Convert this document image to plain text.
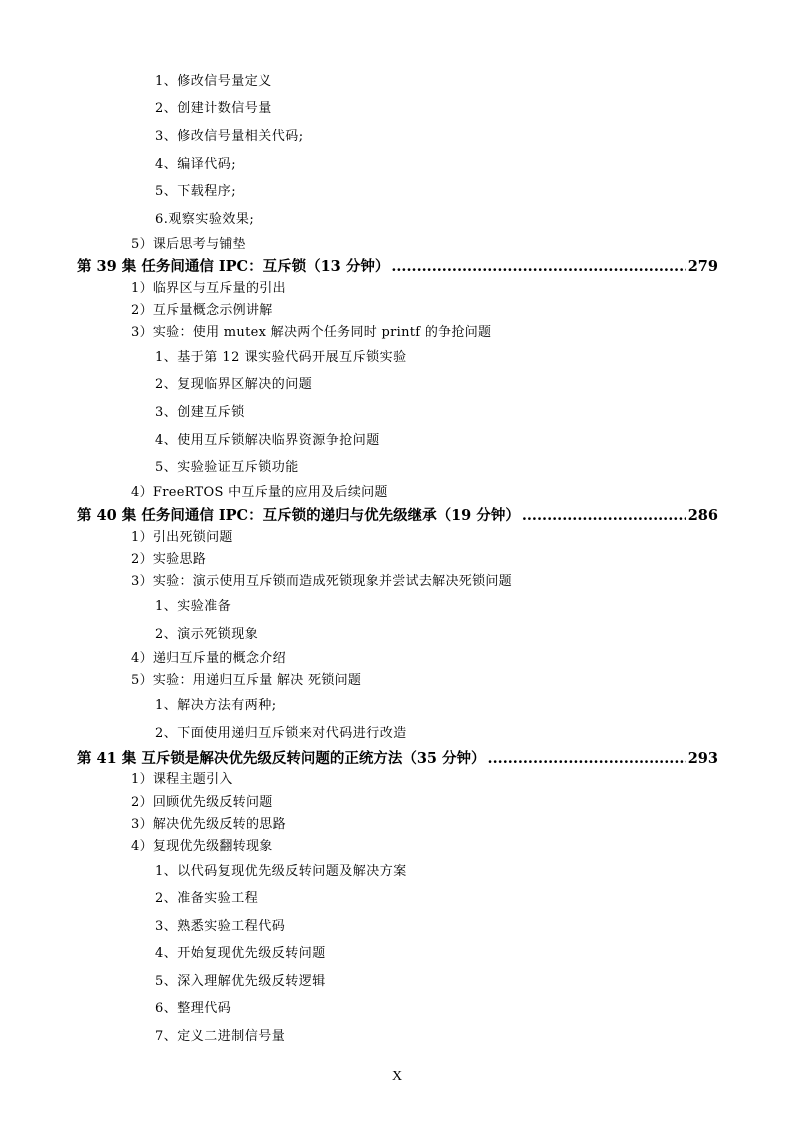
1、修改信号量定义
2、创建计数信号量
3、修改信号量相关代码;
4、编译代码;
5、下载程序;
6.观察实验效果;
5）课后思考与铺垫
第 39 集 任务间通信 IPC：互斥锁（13 分钟） .....	279
1）临界区与互斥量的引出
2）互斥量概念示例讲解
3）实验：使用 mutex 解决两个任务同时 printf 的争抢问题
1、基于第 12 课实验代码开展互斥锁实验
2、复现临界区解决的问题
3、创建互斥锁
4、使用互斥锁解决临界资源争抢问题
5、实验验证互斥锁功能
4）FreeRTOS 中互斥量的应用及后续问题
第 40 集 任务间通信 IPC：互斥锁的递归与优先级继承（19 分钟） .....	286
1）引出死锁问题
2）实验思路
3）实验：演示使用互斥锁而造成死锁现象并尝试去解决死锁问题
1、实验准备
2、演示死锁现象
4）递归互斥量的概念介绍
5）实验：用递归互斥量 解决 死锁问题
1、解决方法有两种;
2、下面使用递归互斥锁来对代码进行改造
第 41 集 互斥锁是解决优先级反转问题的正统方法（35 分钟） .....	293
1）课程主题引入
2）回顾优先级反转问题
3）解决优先级反转的思路
4）复现优先级翻转现象
1、以代码复现优先级反转问题及解决方案
2、准备实验工程
3、熟悉实验工程代码
4、开始复现优先级反转问题
5、深入理解优先级反转逻辑
6、整理代码
7、定义二进制信号量
X
